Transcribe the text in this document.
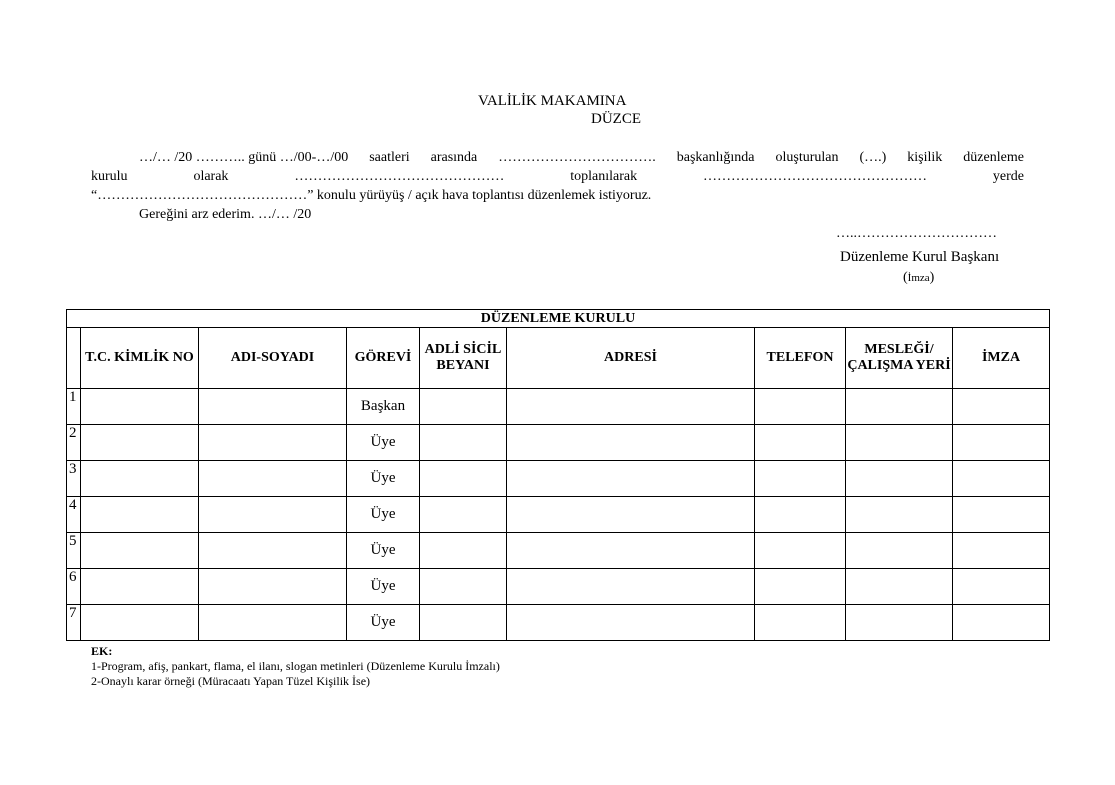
VALİLİK MAKAMINA
DÜZCE
…/… /20 ……….. günü …/00-…/00 saatleri arasında ……………………………. başkanlığında oluşturulan (….) kişilik düzenleme
kurulu	olarak	………………………………………	toplanılarak	…………………………………………	yerde
“………………………………………” konulu yürüyüş / açık hava toplantısı düzenlemek istiyoruz.
Gereğini arz ederim. …/… /20
…..…………………………
Düzenleme Kurul Başkanı
(İmza)
DÜZENLEME KURULU								
	T.C. KİMLİK NO	ADI-SOYADI	GÖREVİ	ADLİ SİCİL BEYANI	ADRESİ	TELEFON	MESLEĞİ/ ÇALIŞMA YERİ	İMZA
1			Başkan					
2			Üye					
3			Üye					
4			Üye					
5			Üye					
6			Üye					
7			Üye					
EK:
1-Program, afiş, pankart, flama, el ilanı, slogan metinleri (Düzenleme Kurulu İmzalı)
2-Onaylı karar örneği (Müracaatı Yapan Tüzel Kişilik İse)
